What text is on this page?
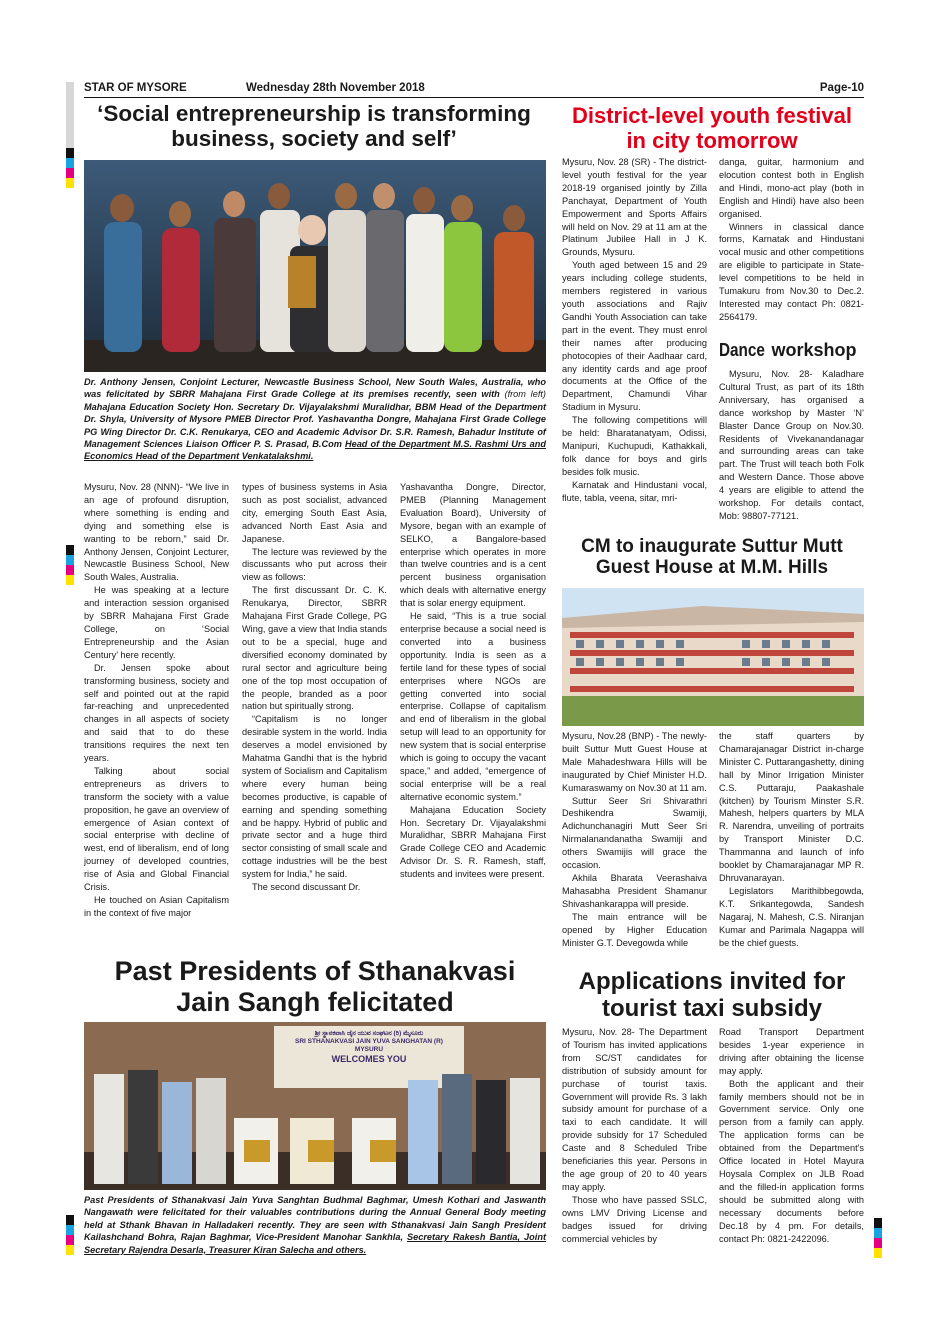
STAR OF MYSORE	Wednesday 28th November 2018	Page-10
‘Social entrepreneurship is transforming
business, society and self’
Dr. Anthony Jensen, Conjoint Lecturer, Newcastle Business School, New South Wales, Australia, who was felicitated by SBRR Mahajana First Grade College at its premises recently, seen with (from left) Mahajana Education Society Hon. Secretary Dr. Vijayalakshmi Muralidhar, BBM Head of the Department Dr. Shyla, University of Mysore PMEB Director Prof. Yashavantha Dongre, Mahajana First Grade College PG Wing Director Dr. C.K. Renukarya, CEO and Academic Advisor Dr. S.R. Ramesh, Bahadur Institute of Management Sciences Liaison Officer P. S. Prasad, B.Com Head of the Department M.S. Rashmi Urs and Economics Head of the Department Venkatalakshmi.

Mysuru, Nov. 28 (NNN)- “We live in an age of profound disruption, where something is ending and dying and something else is wanting to be reborn,” said Dr. Anthony Jensen, Conjoint Lecturer, Newcastle Business School, New South Wales, Australia.

He was speaking at a lecture and interaction session organised by SBRR Mahajana First Grade College, on ‘Social Entrepreneurship and the Asian Century’ here recently.

Dr. Jensen spoke about transforming business, society and self and pointed out at the rapid far-reaching and unprecedented changes in all aspects of society and said that to do these transitions requires the next ten years.

Talking about social entrepreneurs as drivers to transform the society with a value proposition, he gave an overview of emergence of Asian context of social enterprise with decline of west, end of liberalism, end of long journey of developed countries, rise of Asia and Global Financial Crisis.

He touched on Asian Capitalism in the context of five major

types of business systems in Asia such as post socialist, advanced city, emerging South East Asia, advanced North East Asia and Japanese.

The lecture was reviewed by the discussants who put across their view as follows:

The first discussant Dr. C. K. Renukarya, Director, SBRR Mahajana First Grade College, PG Wing, gave a view that India stands out to be a special, huge and diversified economy dominated by rural sector and agriculture being one of the top most occupation of the people, branded as a poor nation but spiritually strong.

“Capitalism is no longer desirable system in the world. India deserves a model envisioned by Mahatma Gandhi that is the hybrid system of Socialism and Capitalism where every human being becomes productive, is capable of earning and spending something and be happy. Hybrid of public and private sector and a huge third sector consisting of small scale and cottage industries will be the best system for India,” he said.

The second discussant Dr.

Yashavantha Dongre, Director, PMEB (Planning Management Evaluation Board), University of Mysore, began with an example of SELKO, a Bangalore-based enterprise which operates in more than twelve countries and is a cent percent business organisation which deals with alternative energy that is solar energy equipment.

He said, “This is a true social enterprise because a social need is converted into a business opportunity. India is seen as a fertile land for these types of social enterprises where NGOs are getting converted into social enterprise. Collapse of capitalism and end of liberalism in the global setup will lead to an opportunity for new system that is social enterprise which is going to occupy the vacant space,” and added, “emergence of social enterprise will be a real alternative economic system.”

Mahajana Education Society Hon. Secretary Dr. Vijayalakshmi Muralidhar, SBRR Mahajana First Grade College CEO and Academic Advisor Dr. S. R. Ramesh, staff, students and invitees were present.

District-level youth festival
in city tomorrow

Mysuru, Nov. 28 (SR) - The district-level youth festival for the year 2018-19 organised jointly by Zilla Panchayat, Department of Youth Empowerment and Sports Affairs will held on Nov. 29 at 11 am at the Platinum Jubilee Hall in J K. Grounds, Mysuru.

Youth aged between 15 and 29 years including college students, members registered in various youth associations and Rajiv Gandhi Youth Association can take part in the event. They must enrol their names after producing photocopies of their Aadhaar card, any identity cards and age proof documents at the Office of the Department, Chamundi Vihar Stadium in Mysuru.

The following competitions will be held: Bharatanatyam, Odissi, Manipuri, Kuchupudi, Kathakkali, folk dance for boys and girls besides folk music.

Karnatak and Hindustani vocal, flute, tabla, veena, sitar, mri-

danga, guitar, harmonium and elocution contest both in English and Hindi, mono-act play (both in English and Hindi) have also been organised.

Winners in classical dance forms, Karnatak and Hindustani vocal music and other competitions are eligible to participate in State-level competitions to be held in Tumakuru from Nov.30 to Dec.2. Interested may contact Ph: 0821-2564179.

Dance workshop

Mysuru, Nov. 28- Kaladhare Cultural Trust, as part of its 18th Anniversary, has organised a dance workshop by Master ‘N’ Blaster Dance Group on Nov.30. Residents of Vivekanandanagar and surrounding areas can take part. The Trust will teach both Folk and Western Dance. Those above 4 years are eligible to attend the workshop. For details contact, Mob: 98807-77121.

CM to inaugurate Suttur Mutt
Guest House at M.M. Hills

Mysuru, Nov.28 (BNP) - The newly-built Suttur Mutt Guest House at Male Mahadeshwara Hills will be inaugurated by Chief Minister H.D. Kumaraswamy on Nov.30 at 11 am.

Suttur Seer Sri Shivarathri Deshikendra Swamiji, Adichunchanagiri Mutt Seer Sri Nirmalanandanatha Swamiji and others Swamijis will grace the occasion.

Akhila Bharata Veerashaiva Mahasabha President Shamanur Shivashankarappa will preside.

The main entrance will be opened by Higher Education Minister G.T. Devegowda while

the staff quarters by Chamarajanagar District in-charge Minister C. Puttarangashetty, dining hall by Minor Irrigation Minister C.S. Puttaraju, Paakashale (kitchen) by Tourism Minster S.R. Mahesh, helpers quarters by MLA R. Narendra, unveiling of portraits by Transport Minister D.C. Thammanna and launch of info booklet by Chamarajanagar MP R. Dhruvanarayan.

Legislators Marithibbegowda, K.T. Srikantegowda, Sandesh Nagaraj, N. Mahesh, C.S. Niranjan Kumar and Parimala Nagappa will be the chief guests.

Past Presidents of Sthanakvasi
Jain Sangh felicitated
ಶ್ರೀ ಸ್ಥಾನಕವಾಸಿ ಜೈನ ಯುವ ಸಂಘಟನ (ರಿ) ಮೈಸೂರು
SRI STHANAKVASI JAIN YUVA SANGHATAN (R)
MYSURU
WELCOMES YOU
Past Presidents of Sthanakvasi Jain Yuva Sanghtan Budhmal Baghmar, Umesh Kothari and Jaswanth Nangawath were felicitated for their valuables contributions during the Annual General Body meeting held at Sthank Bhavan in Halladakeri recently. They are seen with Sthanakvasi Jain Sangh President Kailashchand Bohra, Rajan Baghmar, Vice-President Manohar Sankhla, Secretary Rakesh Bantia, Joint Secretary Rajendra Desarla, Treasurer Kiran Salecha and others.
Applications invited for
tourist taxi subsidy

Mysuru, Nov. 28- The Department of Tourism has invited applications from SC/ST candidates for distribution of subsidy amount for purchase of tourist taxis. Government will provide Rs. 3 lakh subsidy amount for purchase of a taxi to each candidate. It will provide subsidy for 17 Scheduled Caste and 8 Scheduled Tribe beneficiaries this year. Persons in the age group of 20 to 40 years may apply.

Those who have passed SSLC, owns LMV Driving License and badges issued for driving commercial vehicles by

Road Transport Department besides 1-year experience in driving after obtaining the license may apply.

Both the applicant and their family members should not be in Government service. Only one person from a family can apply. The application forms can be obtained from the Department's Office located in Hotel Mayura Hoysala Complex on JLB Road and the filled-in application forms should be submitted along with necessary documents before Dec.18 by 4 pm. For details, contact Ph: 0821-2422096.
